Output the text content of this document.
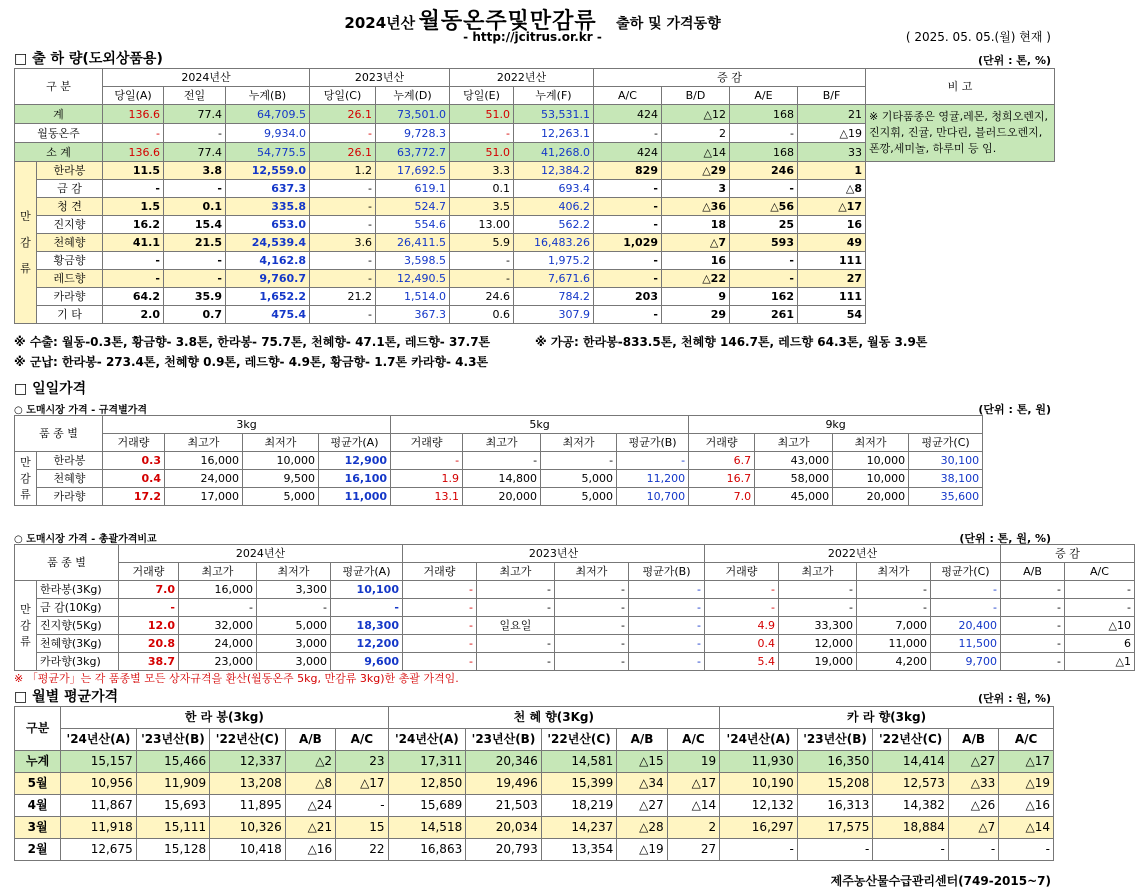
2024년산 월동온주및만감류 출하 및 가격동향
- http://jcitrus.or.kr -	( 2025. 05. 05.(월) 현재 )
□ 출 하 량(도외상품용)	(단위 : 톤, %)
구 분		2024년산			2023년산		2022년산		증 감				비 고
		당일(A)	전일	누계(B)	당일(C)	누계(D)	당일(E)	누계(F)	A/C	B/D	A/E	B/F	
계		136.6	77.4	64,709.5	26.1	73,501.0	51.0	53,531.1	424	△12	168	21	※ 기타품종은 영귤,레몬, 청희오렌지, 진지휘, 진귤, 만다린, 블러드오렌지, 폰깡,세미놀, 하루미 등 임.
월동온주		-	-	9,934.0	-	9,728.3	-	12,263.1	-	2	-	△19	
소 계		136.6	77.4	54,775.5	26.1	63,772.7	51.0	41,268.0	424	△14	168	33	
만감류	한라봉	11.5	3.8	12,559.0	1.2	17,692.5	3.3	12,384.2	829	△29	246	1	
	금 감	-	-	637.3	-	619.1	0.1	693.4	-	3	-	△8	
	청 견	1.5	0.1	335.8	-	524.7	3.5	406.2	-	△36	△56	△17	
	진지향	16.2	15.4	653.0	-	554.6	13.00	562.2	-	18	25	16	
	천혜향	41.1	21.5	24,539.4	3.6	26,411.5	5.9	16,483.26	1,029	△7	593	49	
	황금향	-	-	4,162.8	-	3,598.5	-	1,975.2	-	16	-	111	
	레드향	-	-	9,760.7	-	12,490.5	-	7,671.6	-	△22	-	27	
	카라향	64.2	35.9	1,652.2	21.2	1,514.0	24.6	784.2	203	9	162	111	
	기 타	2.0	0.7	475.4	-	367.3	0.6	307.9	-	29	261	54	
※ 수출: 월동-0.3톤, 황금향- 3.8톤, 한라봉- 75.7톤, 천혜향- 47.1톤, 레드향- 37.7톤	※ 가공: 한라봉-833.5톤, 천혜향 146.7톤, 레드향 64.3톤, 월동 3.9톤
※ 군납: 한라봉- 273.4톤, 천혜향 0.9톤, 레드향- 4.9톤, 황금향- 1.7톤 카라향- 4.3톤
□ 일일가격
○ 도매시장 가격 - 규격별가격	(단위 : 톤, 원)
품 종 별		3kg				5kg				9kg			
		거래량	최고가	최저가	평균가(A)	거래량	최고가	최저가	평균가(B)	거래량	최고가	최저가	평균가(C)
만감류	한라봉	0.3	16,000	10,000	12,900	-	-	-	-	6.7	43,000	10,000	30,100
	천혜향	0.4	24,000	9,500	16,100	1.9	14,800	5,000	11,200	16.7	58,000	10,000	38,100
	카라향	17.2	17,000	5,000	11,000	13.1	20,000	5,000	10,700	7.0	45,000	20,000	35,600
○ 도매시장 가격 - 총괄가격비교	(단위 : 톤, 원, %)
품 종 별		2024년산				2023년산				2022년산				증 감	
		거래량	최고가	최저가	평균가(A)	거래량	최고가	최저가	평균가(B)	거래량	최고가	최저가	평균가(C)	A/B	A/C
만감류	한라봉(3Kg)	7.0	16,000	3,300	10,100	-	-	-	-	-	-	-	-	-	-
	금 감(10Kg)	-	-	-	-	-	-	-	-	-	-	-	-	-	-
	진지향(5Kg)	12.0	32,000	5,000	18,300	-	일요일	-	-	4.9	33,300	7,000	20,400	-	△10
	천혜향(3Kg)	20.8	24,000	3,000	12,200	-	-	-	-	0.4	12,000	11,000	11,500	-	6
	카라향(3kg)	38.7	23,000	3,000	9,600	-	-	-	-	5.4	19,000	4,200	9,700	-	△1
※ 「평균가」는 각 품종별 모든 상자규격을 환산(월동온주 5kg, 만감류 3kg)한 총괄 가격임.
□ 월별 평균가격	(단위 : 원, %)
구분	한 라 봉(3kg)					천 혜 향(3Kg)					카 라 향(3kg)				
	'24년산(A)	'23년산(B)	'22년산(C)	A/B	A/C	'24년산(A)	'23년산(B)	'22년산(C)	A/B	A/C	'24년산(A)	'23년산(B)	'22년산(C)	A/B	A/C
누계	15,157	15,466	12,337	△2	23	17,311	20,346	14,581	△15	19	11,930	16,350	14,414	△27	△17
5월	10,956	11,909	13,208	△8	△17	12,850	19,496	15,399	△34	△17	10,190	15,208	12,573	△33	△19
4월	11,867	15,693	11,895	△24	-	15,689	21,503	18,219	△27	△14	12,132	16,313	14,382	△26	△16
3월	11,918	15,111	10,326	△21	15	14,518	20,034	14,237	△28	2	16,297	17,575	18,884	△7	△14
2월	12,675	15,128	10,418	△16	22	16,863	20,793	13,354	△19	27	-	-	-	-	-
제주농산물수급관리센터(749-2015~7)
